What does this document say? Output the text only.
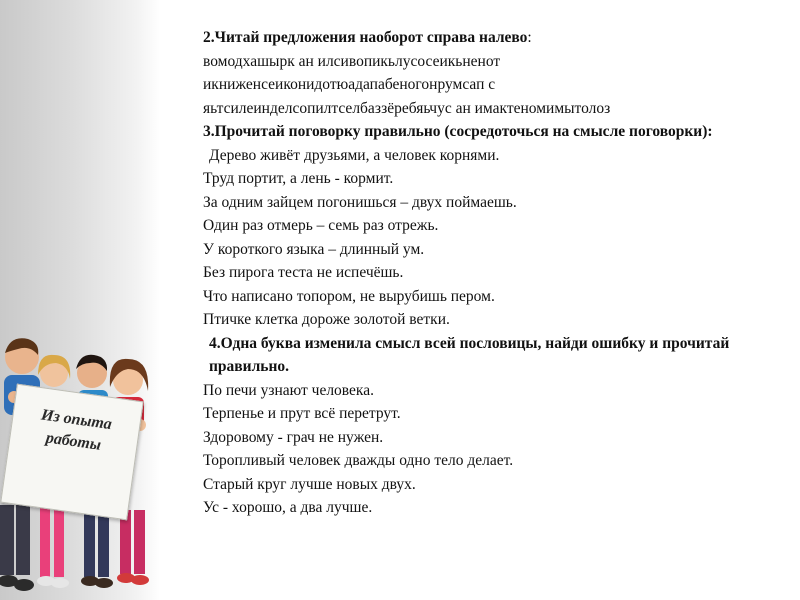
Из опыта
работы

2.Читай предложения наоборот справа налево:

вомодхашырк ан илсивопикьлусосеикьненот

икниженсеиконидотюадапабеногонрумсап с

яьтсилеинделсопилтселбаззёребяьчус ан имактеномимытолоз

3.Прочитай поговорку правильно (сосредоточься на смысле поговорки):

Дерево живёт друзьями, а человек корнями.

Труд портит, а лень - кормит.

За одним зайцем погонишься – двух поймаешь.

Один раз отмерь – семь раз отрежь.

У короткого языка – длинный ум.

Без пирога теста не испечёшь.

Что написано топором, не вырубишь пером.

Птичке клетка дороже золотой ветки.

4.Одна буква изменила смысл всей пословицы, найди ошибку и прочитай правильно.

По печи узнают человека.

Терпенье и прут всё перетрут.

Здоровому - грач не нужен.

Торопливый человек дважды одно тело делает.

Старый круг лучше новых двух.

Ус - хорошо, а два лучше.
